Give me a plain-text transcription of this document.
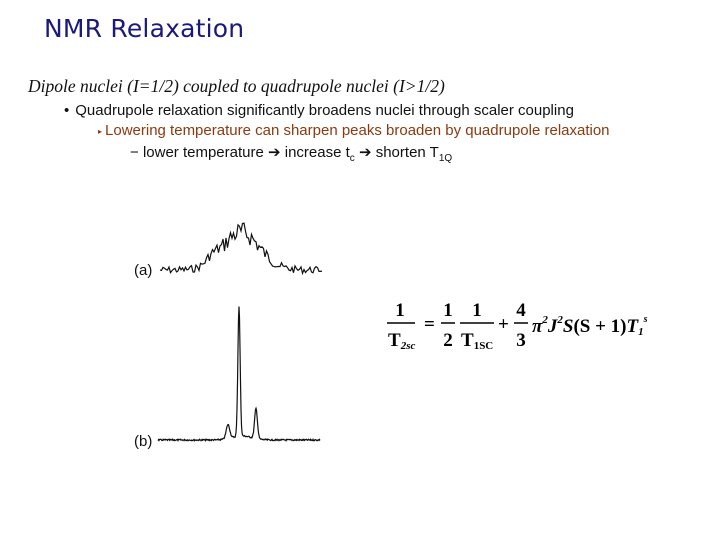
NMR Relaxation
Dipole nuclei (I=1/2) coupled to quadrupole nuclei (I>1/2)
• Quadrupole relaxation significantly broadens nuclei through scaler coupling
▸ Lowering temperature can sharpen peaks broaden by quadrupole relaxation
− lower temperature ➔ increase $t_c$ ➔ shorten $T_{1Q}$
(a)
(b)
1
T2sc
=
1
2
1
T1SC
+
4
3
$\pi^2J^2S(S + 1)T1^s$
